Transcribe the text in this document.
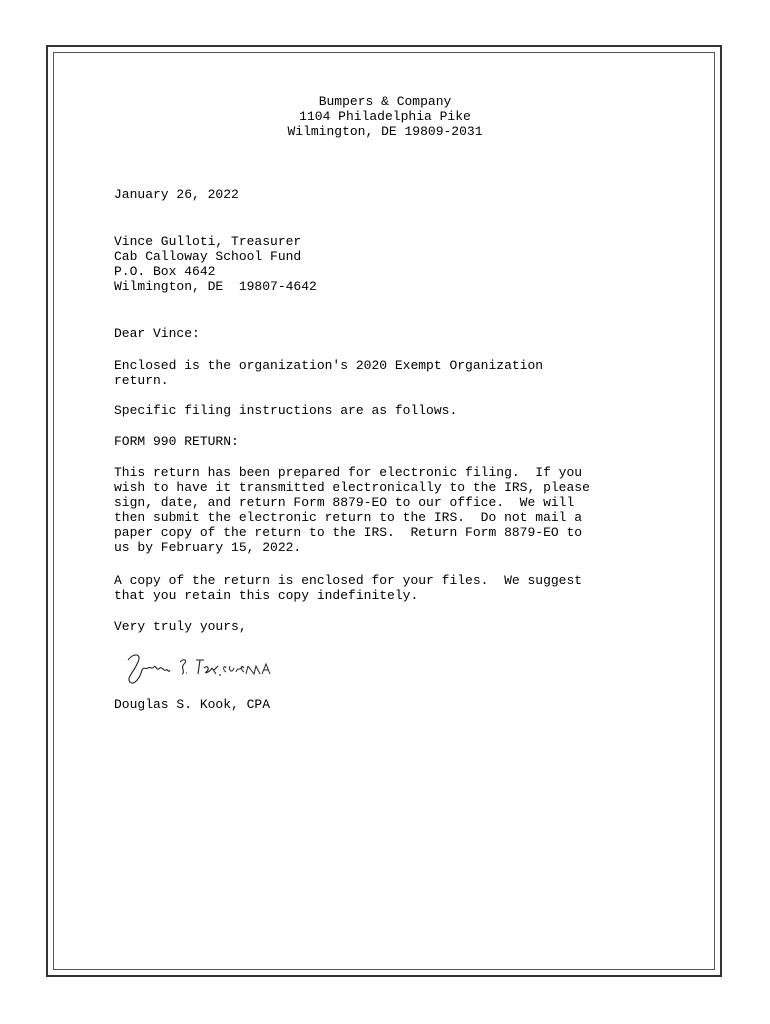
Bumpers & Company
1104 Philadelphia Pike
Wilmington, DE 19809-2031
January 26, 2022
Vince Gulloti, Treasurer
Cab Calloway School Fund
P.O. Box 4642
Wilmington, DE  19807-4642
Dear Vince:
Enclosed is the organization's 2020 Exempt Organization
return.
Specific filing instructions are as follows.
FORM 990 RETURN:
This return has been prepared for electronic filing.  If you
wish to have it transmitted electronically to the IRS, please
sign, date, and return Form 8879-EO to our office.  We will
then submit the electronic return to the IRS.  Do not mail a
paper copy of the return to the IRS.  Return Form 8879-EO to
us by February 15, 2022.
A copy of the return is enclosed for your files.  We suggest
that you retain this copy indefinitely.
Very truly yours,
Douglas S. Kook, CPA
